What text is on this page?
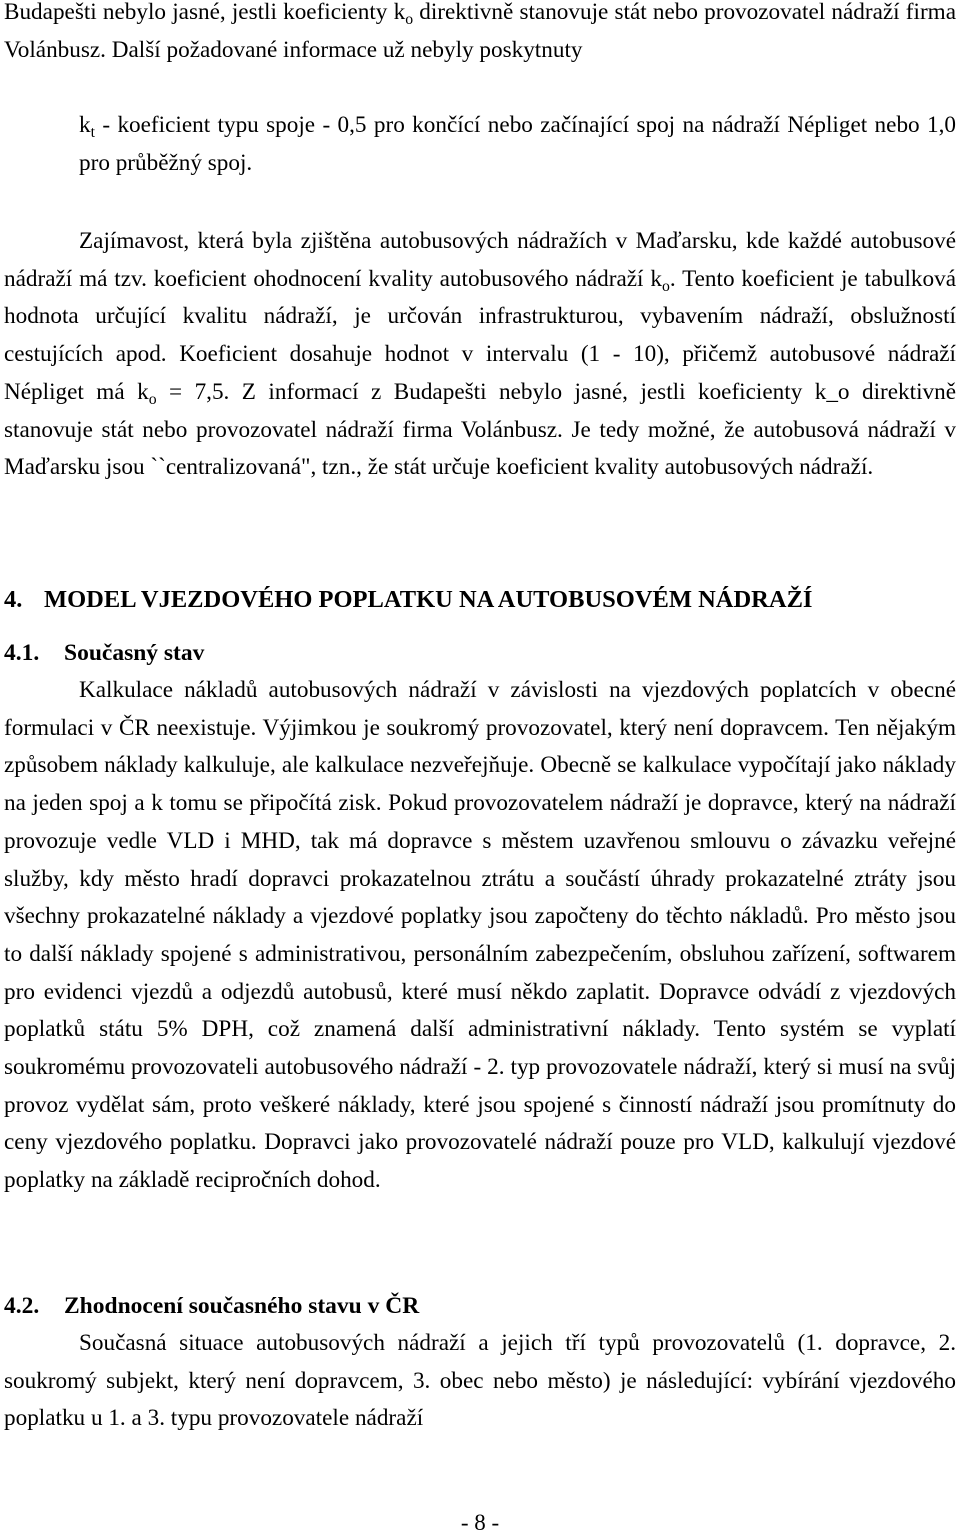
Budapešti nebylo jasné, jestli koeficienty $k_o$ direktivně stanovuje stát nebo provozovatel nádraží firma Volánbusz. Další požadované informace už nebyly poskytnuty

$k_t$ - koeficient typu spoje - 0,5 pro končící nebo začínající spoj na nádraží Népliget nebo 1,0 pro průběžný spoj.

Zajímavost, která byla zjištěna autobusových nádražích v Maďarsku, kde každé autobusové nádraží má tzv. koeficient ohodnocení kvality autobusového nádraží $k_o$. Tento koeficient je tabulková hodnota určující kvalitu nádraží, je určován infrastrukturou, vybavením nádraží, obslužností cestujících apod. Koeficient dosahuje hodnot v intervalu (1 - 10), přičemž autobusové nádraží Népliget má $k_o = 7,5$. Z informací z Budapešti nebylo jasné, jestli koeficienty k_o direktivně stanovuje stát nebo provozovatel nádraží firma Volánbusz. Je tedy možné, že autobusová nádraží v Maďarsku jsou ``centralizovaná", tzn., že stát určuje koeficient kvality autobusových nádraží.

4. MODEL VJEZDOVÉHO POPLATKU NA AUTOBUSOVÉM NÁDRAŽÍ
4.1. Současný stav

Kalkulace nákladů autobusových nádraží v závislosti na vjezdových poplatcích v obecné formulaci v ČR neexistuje. Výjimkou je soukromý provozovatel, který není dopravcem. Ten nějakým způsobem náklady kalkuluje, ale kalkulace nezveřejňuje. Obecně se kalkulace vypočítají jako náklady na jeden spoj a k tomu se připočítá zisk. Pokud provozovatelem nádraží je dopravce, který na nádraží provozuje vedle VLD i MHD, tak má dopravce s městem uzavřenou smlouvu o závazku veřejné služby, kdy město hradí dopravci prokazatelnou ztrátu a součástí úhrady prokazatelné ztráty jsou všechny prokazatelné náklady a vjezdové poplatky jsou započteny do těchto nákladů. Pro město jsou to další náklady spojené s administrativou, personálním zabezpečením, obsluhou zařízení, softwarem pro evidenci vjezdů a odjezdů autobusů, které musí někdo zaplatit. Dopravce odvádí z vjezdových poplatků státu 5% DPH, což znamená další administrativní náklady. Tento systém se vyplatí soukromému provozovateli autobusového nádraží - 2. typ provozovatele nádraží, který si musí na svůj provoz vydělat sám, proto veškeré náklady, které jsou spojené s činností nádraží jsou promítnuty do ceny vjezdového poplatku. Dopravci jako provozovatelé nádraží pouze pro VLD, kalkulují vjezdové poplatky na základě recipročních dohod.

4.2. Zhodnocení současného stavu v ČR

Současná situace autobusových nádraží a jejich tří typů provozovatelů (1. dopravce, 2. soukromý subjekt, který není dopravcem, 3. obec nebo město) je následující: vybírání vjezdového poplatku u 1. a 3. typu provozovatele nádraží

- 8 -
